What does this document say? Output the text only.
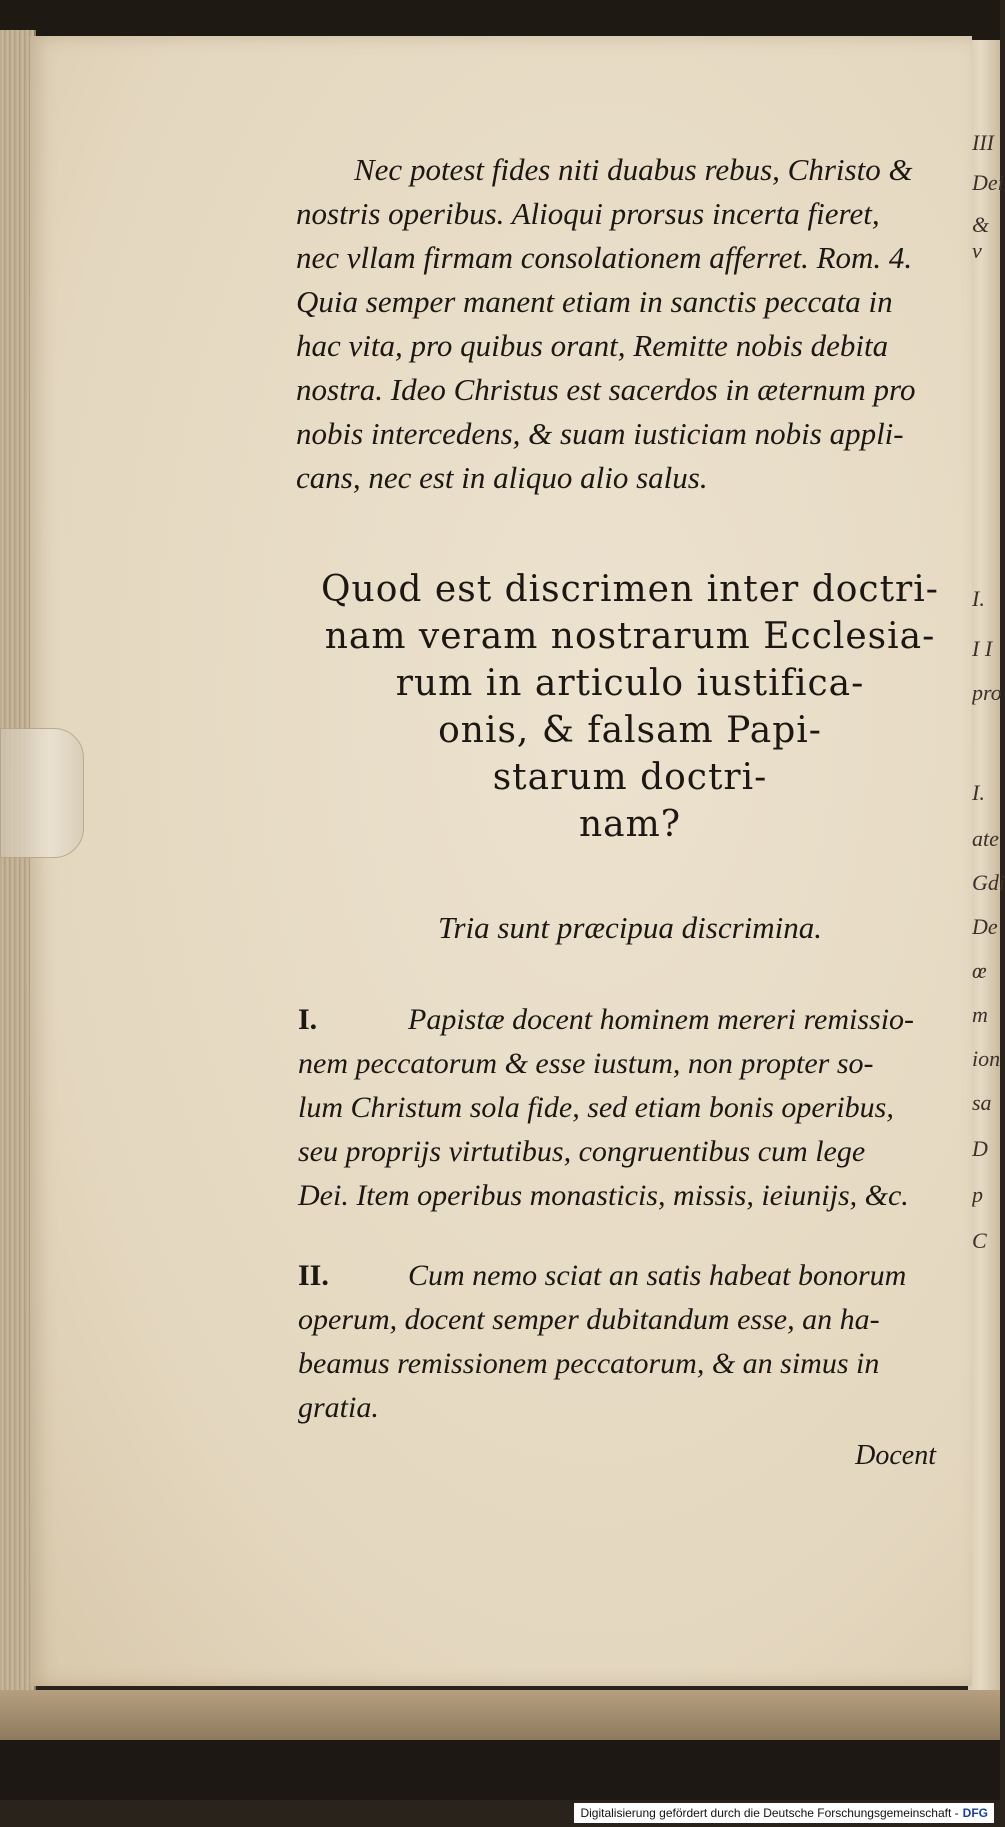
III
Dei
& v
I.
I I
pro
I.
ate
Gdi
De
œ
m
ion
sa
D
p
C
Nec potest fides niti duabus rebus, Christo &
nostris operibus. Alioqui prorsus incerta fieret,
nec vllam firmam consolationem afferret. Rom. 4.
Quia semper manent etiam in sanctis peccata in
hac vita, pro quibus orant, Remitte nobis debita
nostra. Ideo Christus est sacerdos in æternum pro
nobis intercedens, & suam iusticiam nobis appli-
cans, nec est in aliquo alio salus.
Quod est discrimen inter doctri-
nam veram nostrarum Ecclesia-
rum in articulo iustifica-
onis, & falsam Papi-
starum doctri-
nam?
Tria sunt præcipua discrimina.
I.	Papistæ docent hominem mereri remissio-
nem peccatorum & esse iustum, non propter so-
lum Christum sola fide, sed etiam bonis operibus,
seu proprijs virtutibus, congruentibus cum lege
Dei. Item operibus monasticis, missis, ieiunijs, &c.
II.	Cum nemo sciat an satis habeat bonorum
operum, docent semper dubitandum esse, an ha-
beamus remissionem peccatorum, & an simus in
gratia.
Docent
Digitalisierung gefördert durch die Deutsche Forschungsgemeinschaft - DFG
